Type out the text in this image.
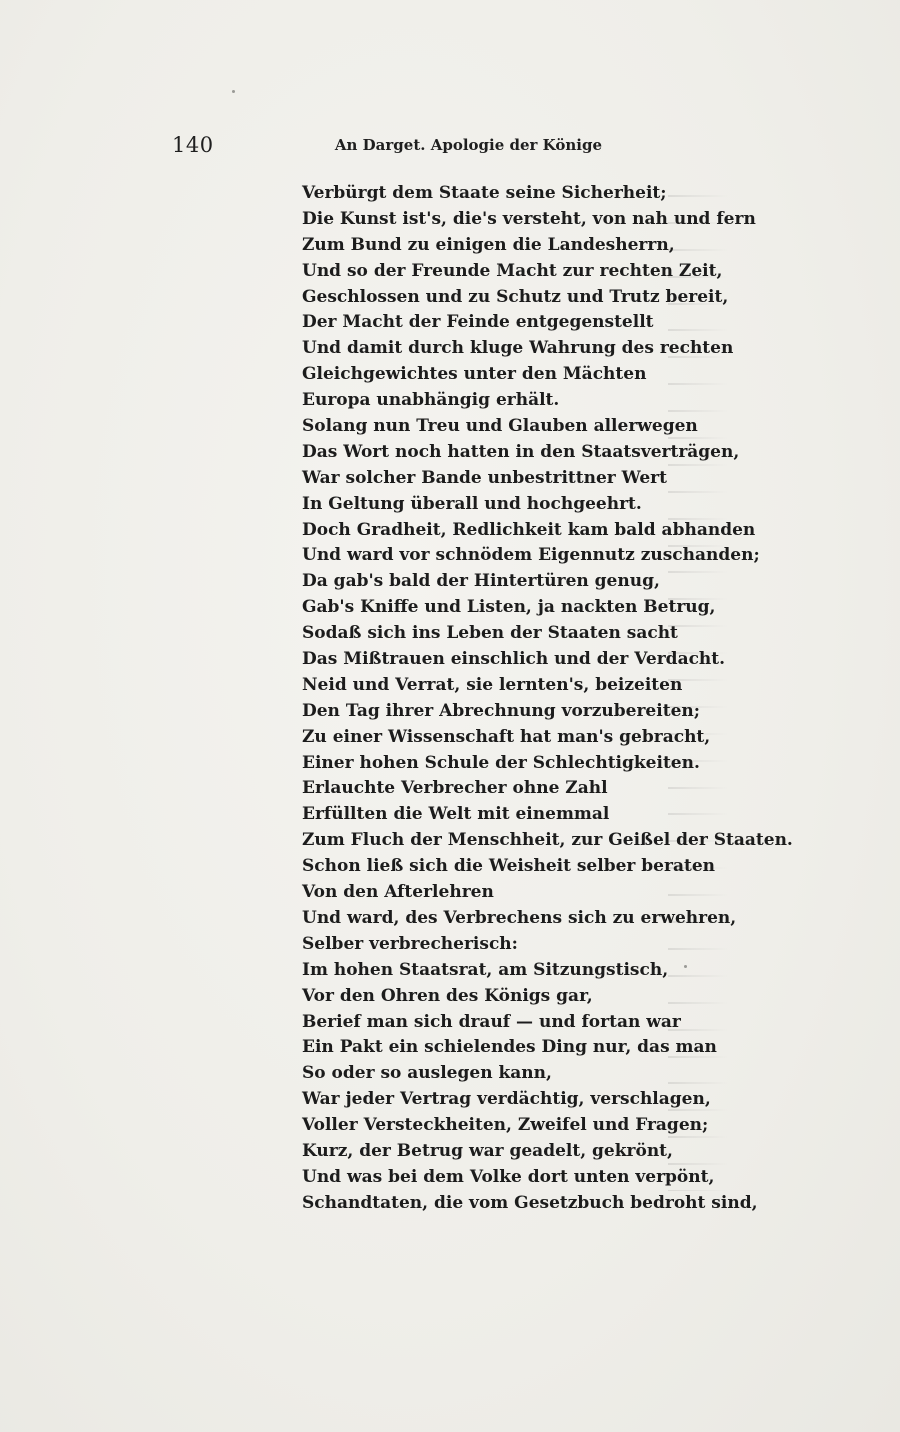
140	An Darget. Apologie der Könige
Verbürgt dem Staate seine Sicherheit;
Die Kunst ist's, die's versteht, von nah und fern
Zum Bund zu einigen die Landesherrn,
Und so der Freunde Macht zur rechten Zeit,
Geschlossen und zu Schutz und Trutz bereit,
Der Macht der Feinde entgegenstellt
Und damit durch kluge Wahrung des rechten
Gleichgewichtes unter den Mächten
Europa unabhängig erhält.
Solang nun Treu und Glauben allerwegen
Das Wort noch hatten in den Staatsverträgen,
War solcher Bande unbestrittner Wert
In Geltung überall und hochgeehrt.
Doch Gradheit, Redlichkeit kam bald abhanden
Und ward vor schnödem Eigennutz zuschanden;
Da gab's bald der Hintertüren genug,
Gab's Kniffe und Listen, ja nackten Betrug,
Sodaß sich ins Leben der Staaten sacht
Das Mißtrauen einschlich und der Verdacht.
Neid und Verrat, sie lernten's, beizeiten
Den Tag ihrer Abrechnung vorzubereiten;
Zu einer Wissenschaft hat man's gebracht,
Einer hohen Schule der Schlechtigkeiten.
Erlauchte Verbrecher ohne Zahl
Erfüllten die Welt mit einemmal
Zum Fluch der Menschheit, zur Geißel der Staaten.
Schon ließ sich die Weisheit selber beraten
Von den Afterlehren
Und ward, des Verbrechens sich zu erwehren,
Selber verbrecherisch:
Im hohen Staatsrat, am Sitzungstisch,
Vor den Ohren des Königs gar,
Berief man sich drauf — und fortan war
Ein Pakt ein schielendes Ding nur, das man
So oder so auslegen kann,
War jeder Vertrag verdächtig, verschlagen,
Voller Versteckheiten, Zweifel und Fragen;
Kurz, der Betrug war geadelt, gekrönt,
Und was bei dem Volke dort unten verpönt,
Schandtaten, die vom Gesetzbuch bedroht sind,
